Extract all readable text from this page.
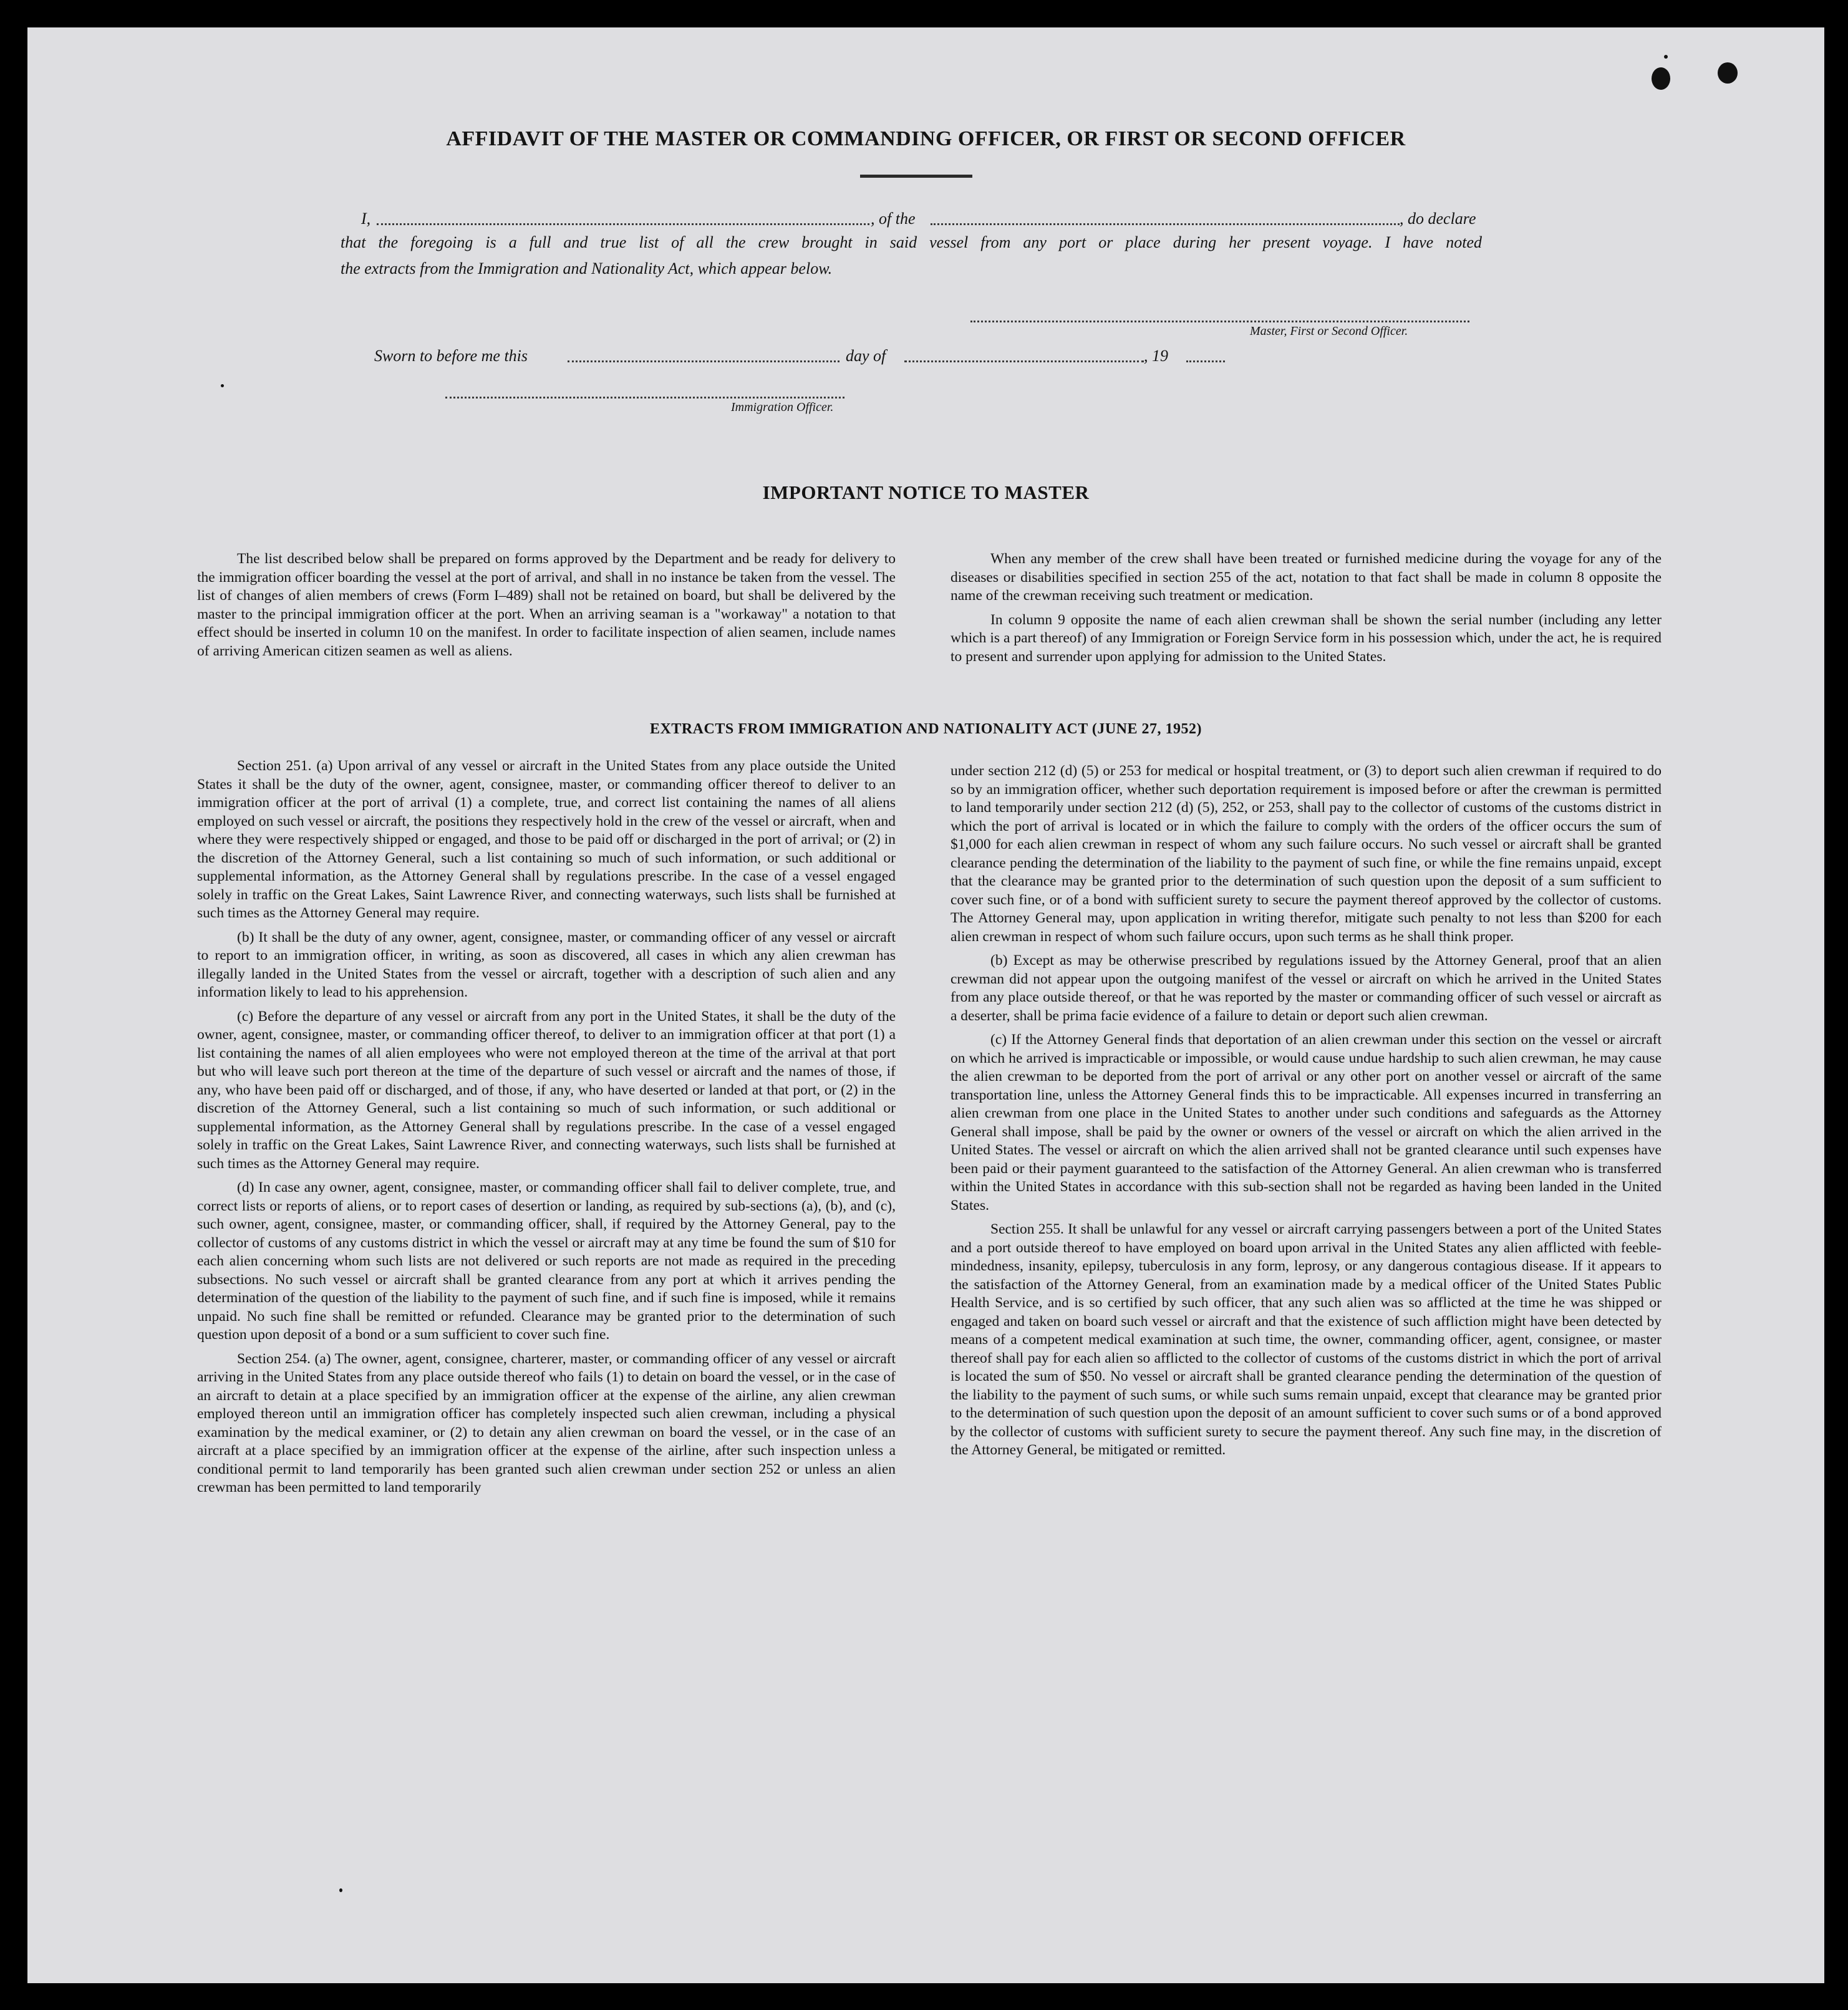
AFFIDAVIT OF THE MASTER OR COMMANDING OFFICER, OR FIRST OR SECOND OFFICER
I,	, of the	, do declare
that the foregoing is a full and true list of all the crew brought in said vessel from any port or place during her present voyage. I have noted
the extracts from the Immigration and Nationality Act, which appear below.
Master, First or Second Officer.
Sworn to before me this	day of	, 19
Immigration Officer.
IMPORTANT NOTICE TO MASTER

The list described below shall be prepared on forms approved by the Department and be ready for delivery to the immigration officer boarding the vessel at the port of arrival, and shall in no instance be taken from the vessel. The list of changes of alien members of crews (Form I–489) shall not be retained on board, but shall be delivered by the master to the principal immigration officer at the port. When an arriving seaman is a "workaway" a notation to that effect should be inserted in column 10 on the manifest. In order to facilitate inspection of alien seamen, include names of arriving American citizen seamen as well as aliens.

When any member of the crew shall have been treated or furnished medicine during the voyage for any of the diseases or disabilities specified in section 255 of the act, notation to that fact shall be made in column 8 opposite the name of the crewman receiving such treatment or medication.

In column 9 opposite the name of each alien crewman shall be shown the serial number (including any letter which is a part thereof) of any Immigration or Foreign Service form in his possession which, under the act, he is required to present and surrender upon applying for admission to the United States.

EXTRACTS FROM IMMIGRATION AND NATIONALITY ACT (JUNE 27, 1952)

Section 251. (a) Upon arrival of any vessel or aircraft in the United States from any place outside the United States it shall be the duty of the owner, agent, consignee, master, or commanding officer thereof to deliver to an immigration officer at the port of arrival (1) a complete, true, and correct list containing the names of all aliens employed on such vessel or aircraft, the positions they respectively hold in the crew of the vessel or aircraft, when and where they were respectively shipped or engaged, and those to be paid off or discharged in the port of arrival; or (2) in the discretion of the Attorney General, such a list containing so much of such information, or such additional or supplemental information, as the Attorney General shall by regulations prescribe. In the case of a vessel engaged solely in traffic on the Great Lakes, Saint Lawrence River, and connecting waterways, such lists shall be furnished at such times as the Attorney General may require.

(b) It shall be the duty of any owner, agent, consignee, master, or commanding officer of any vessel or aircraft to report to an immigration officer, in writing, as soon as discovered, all cases in which any alien crewman has illegally landed in the United States from the vessel or aircraft, together with a description of such alien and any information likely to lead to his apprehension.

(c) Before the departure of any vessel or aircraft from any port in the United States, it shall be the duty of the owner, agent, consignee, master, or commanding officer thereof, to deliver to an immigration officer at that port (1) a list containing the names of all alien employees who were not employed thereon at the time of the arrival at that port but who will leave such port thereon at the time of the departure of such vessel or aircraft and the names of those, if any, who have been paid off or discharged, and of those, if any, who have deserted or landed at that port, or (2) in the discretion of the Attorney General, such a list containing so much of such information, or such additional or supplemental information, as the Attorney General shall by regulations prescribe. In the case of a vessel engaged solely in traffic on the Great Lakes, Saint Lawrence River, and connecting waterways, such lists shall be furnished at such times as the Attorney General may require.

(d) In case any owner, agent, consignee, master, or commanding officer shall fail to deliver complete, true, and correct lists or reports of aliens, or to report cases of desertion or landing, as required by sub-sections (a), (b), and (c), such owner, agent, consignee, master, or commanding officer, shall, if required by the Attorney General, pay to the collector of customs of any customs district in which the vessel or aircraft may at any time be found the sum of $10 for each alien concerning whom such lists are not delivered or such reports are not made as required in the preceding subsections. No such vessel or aircraft shall be granted clearance from any port at which it arrives pending the determination of the question of the liability to the payment of such fine, and if such fine is imposed, while it remains unpaid. No such fine shall be remitted or refunded. Clearance may be granted prior to the determination of such question upon deposit of a bond or a sum sufficient to cover such fine.

Section 254. (a) The owner, agent, consignee, charterer, master, or commanding officer of any vessel or aircraft arriving in the United States from any place outside thereof who fails (1) to detain on board the vessel, or in the case of an aircraft to detain at a place specified by an immigration officer at the expense of the airline, any alien crewman employed thereon until an immigration officer has completely inspected such alien crewman, including a physical examination by the medical examiner, or (2) to detain any alien crewman on board the vessel, or in the case of an aircraft at a place specified by an immigration officer at the expense of the airline, after such inspection unless a conditional permit to land temporarily has been granted such alien crewman under section 252 or unless an alien crewman has been permitted to land temporarily

under section 212 (d) (5) or 253 for medical or hospital treatment, or (3) to deport such alien crewman if required to do so by an immigration officer, whether such deportation requirement is imposed before or after the crewman is permitted to land temporarily under section 212 (d) (5), 252, or 253, shall pay to the collector of customs of the customs district in which the port of arrival is located or in which the failure to comply with the orders of the officer occurs the sum of $1,000 for each alien crewman in respect of whom any such failure occurs. No such vessel or aircraft shall be granted clearance pending the determination of the liability to the payment of such fine, or while the fine remains unpaid, except that the clearance may be granted prior to the determination of such question upon the deposit of a sum sufficient to cover such fine, or of a bond with sufficient surety to secure the payment thereof approved by the collector of customs. The Attorney General may, upon application in writing therefor, mitigate such penalty to not less than $200 for each alien crewman in respect of whom such failure occurs, upon such terms as he shall think proper.

(b) Except as may be otherwise prescribed by regulations issued by the Attorney General, proof that an alien crewman did not appear upon the outgoing manifest of the vessel or aircraft on which he arrived in the United States from any place outside thereof, or that he was reported by the master or commanding officer of such vessel or aircraft as a deserter, shall be prima facie evidence of a failure to detain or deport such alien crewman.

(c) If the Attorney General finds that deportation of an alien crewman under this section on the vessel or aircraft on which he arrived is impracticable or impossible, or would cause undue hardship to such alien crewman, he may cause the alien crewman to be deported from the port of arrival or any other port on another vessel or aircraft of the same transportation line, unless the Attorney General finds this to be impracticable. All expenses incurred in transferring an alien crewman from one place in the United States to another under such conditions and safeguards as the Attorney General shall impose, shall be paid by the owner or owners of the vessel or aircraft on which the alien arrived in the United States. The vessel or aircraft on which the alien arrived shall not be granted clearance until such expenses have been paid or their payment guaranteed to the satisfaction of the Attorney General. An alien crewman who is transferred within the United States in accordance with this sub-section shall not be regarded as having been landed in the United States.

Section 255. It shall be unlawful for any vessel or aircraft carrying passengers between a port of the United States and a port outside thereof to have employed on board upon arrival in the United States any alien afflicted with feeble-mindedness, insanity, epilepsy, tuberculosis in any form, leprosy, or any dangerous contagious disease. If it appears to the satisfaction of the Attorney General, from an examination made by a medical officer of the United States Public Health Service, and is so certified by such officer, that any such alien was so afflicted at the time he was shipped or engaged and taken on board such vessel or aircraft and that the existence of such affliction might have been detected by means of a competent medical examination at such time, the owner, commanding officer, agent, consignee, or master thereof shall pay for each alien so afflicted to the collector of customs of the customs district in which the port of arrival is located the sum of $50. No vessel or aircraft shall be granted clearance pending the determination of the question of the liability to the payment of such sums, or while such sums remain unpaid, except that clearance may be granted prior to the determination of such question upon the deposit of an amount sufficient to cover such sums or of a bond approved by the collector of customs with sufficient surety to secure the payment thereof. Any such fine may, in the discretion of the Attorney General, be mitigated or remitted.
